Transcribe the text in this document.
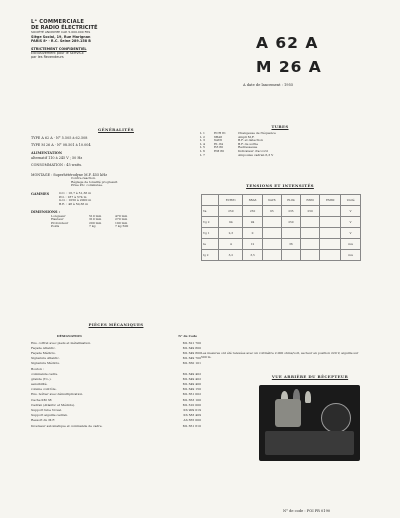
Lᵉ COMMERCIALE
DE RADIO ÉLECTRICITÉ
SOCIÉTÉ ANONYME CAP. 5.000.000 FRS
Siège Social, 19, Rue Marignan
PARIS 8ᵉ · R.C. Seine 289.158 B
STRICTEMENT CONFIDENTIEL
Exclusivement pour le SERVICE
par les Revendeurs
A 62 A
M 26 A
A date de lancement : 1955
GÉNÉRALITÉS
TYPE A 62 A · N° 5.505 à 62.508
TYPE M 26 A · N° 08.501 à 10.004
ALIMENTATION
alternatif 110 à 245 V ; 50 Hz
CONSOMMATION : 45 watts.
MONTAGE : Superhétérodyne M.F. 455 kHz
Contre-réaction.
Réglage de tonalité progressif.
Prise P.U. commutée.
GAMMES	O.C. : 16,7 à 51,36 m
P.O. : 187 à 574 m
G.O. : 1050 à 2000 m
B.E. : 48 à 50,36 m
DIMENSIONS :
Longueur	510 mm	470 mm
Hauteur	310 mm	270 mm
Profondeur	200 mm	190 mm
Poids	7 kg	7 kg 500
PIÈCES MÉCANIQUES
DÉSIGNATION	N° de Code
Ens. coffret avec pieds et métallisation.	ML 621 700
Façade Atlantic.	ML 649 800
Façade Médicis.	ML 649 800
Signature Atlantic.	ML 649 700
Signature Médicis.	ML 650 101
Bouton :
commande cadre.	ML 649 402
grande (T.L.).	ML 649 402
sensibilité.	ML 649 400
volume contrôle.	ML 649 150
Ens. boîtier avec démultiplication.	ML 651 002
Cache KM 38	ML 653 100
Cadran (Atlantic et Médicis).	ML 610 000
Support tube Noval.	KS 909 019
Support aiguille cadran.	KS 583 409
Ressort du M.F.	AS 655 000
Inverseur automatique et commande de cadre.	ML 651 610
TUBES
L 1	ECH 81	Changeuse de fréquence
L 2	6BA6	Ampli M.F.
L 3	6AV6	B.F. et détection
L 4	EL 84	B.F. de sortie
L 5	EZ 80	Redresseuse
L 6	EM 80	Indicateur d'accord
L 7	Ampoules cadran 6,3 V
TENSIONS ET INTENSITÉS
	ECH81	6BA6	6AV6	EL84	EZ80	EM80	Unité
Va	250	250	95	235	250		V
Vg 2	94	94		250			V
Vg 1	2,3	0					V
Ia	4	12		36			mA
Ig 2	3,2	3,5					mA
Les mesures ont été relevées avec un voltmètre 2.000 ohms/volt, secteur en position 220 V, aiguille sur 500 m.
VUE ARRIÈRE DU RÉCEPTEUR
N° de code : FOI PR 0190
